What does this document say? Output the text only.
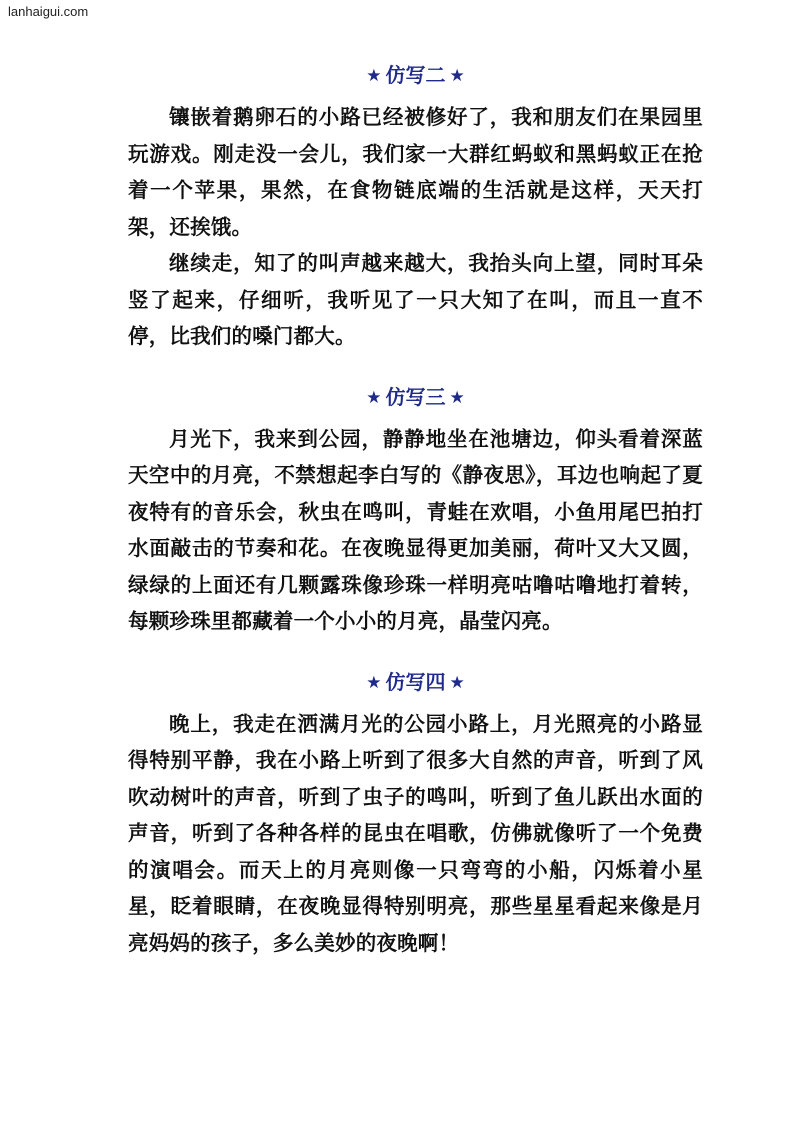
lanhaigui.com
★ 仿写二 ★

镶嵌着鹅卵石的小路已经被修好了，我和朋友们在果园里玩游戏。刚走没一会儿，我们家一大群红蚂蚁和黑蚂蚁正在抢着一个苹果，果然，在食物链底端的生活就是这样，天天打架，还挨饿。

继续走，知了的叫声越来越大，我抬头向上望，同时耳朵竖了起来，仔细听，我听见了一只大知了在叫，而且一直不停，比我们的嗓门都大。

★ 仿写三 ★

月光下，我来到公园，静静地坐在池塘边，仰头看着深蓝天空中的月亮，不禁想起李白写的《静夜思》，耳边也响起了夏夜特有的音乐会，秋虫在鸣叫，青蛙在欢唱，小鱼用尾巴拍打水面敲击的节奏和花。在夜晚显得更加美丽，荷叶又大又圆，绿绿的上面还有几颗露珠像珍珠一样明亮咕噜咕噜地打着转，每颗珍珠里都藏着一个小小的月亮，晶莹闪亮。

★ 仿写四 ★

晚上，我走在洒满月光的公园小路上，月光照亮的小路显得特别平静，我在小路上听到了很多大自然的声音，听到了风吹动树叶的声音，听到了虫子的鸣叫，听到了鱼儿跃出水面的声音，听到了各种各样的昆虫在唱歌，仿佛就像听了一个免费的演唱会。而天上的月亮则像一只弯弯的小船，闪烁着小星星，眨着眼睛，在夜晚显得特别明亮，那些星星看起来像是月亮妈妈的孩子，多么美妙的夜晚啊！
